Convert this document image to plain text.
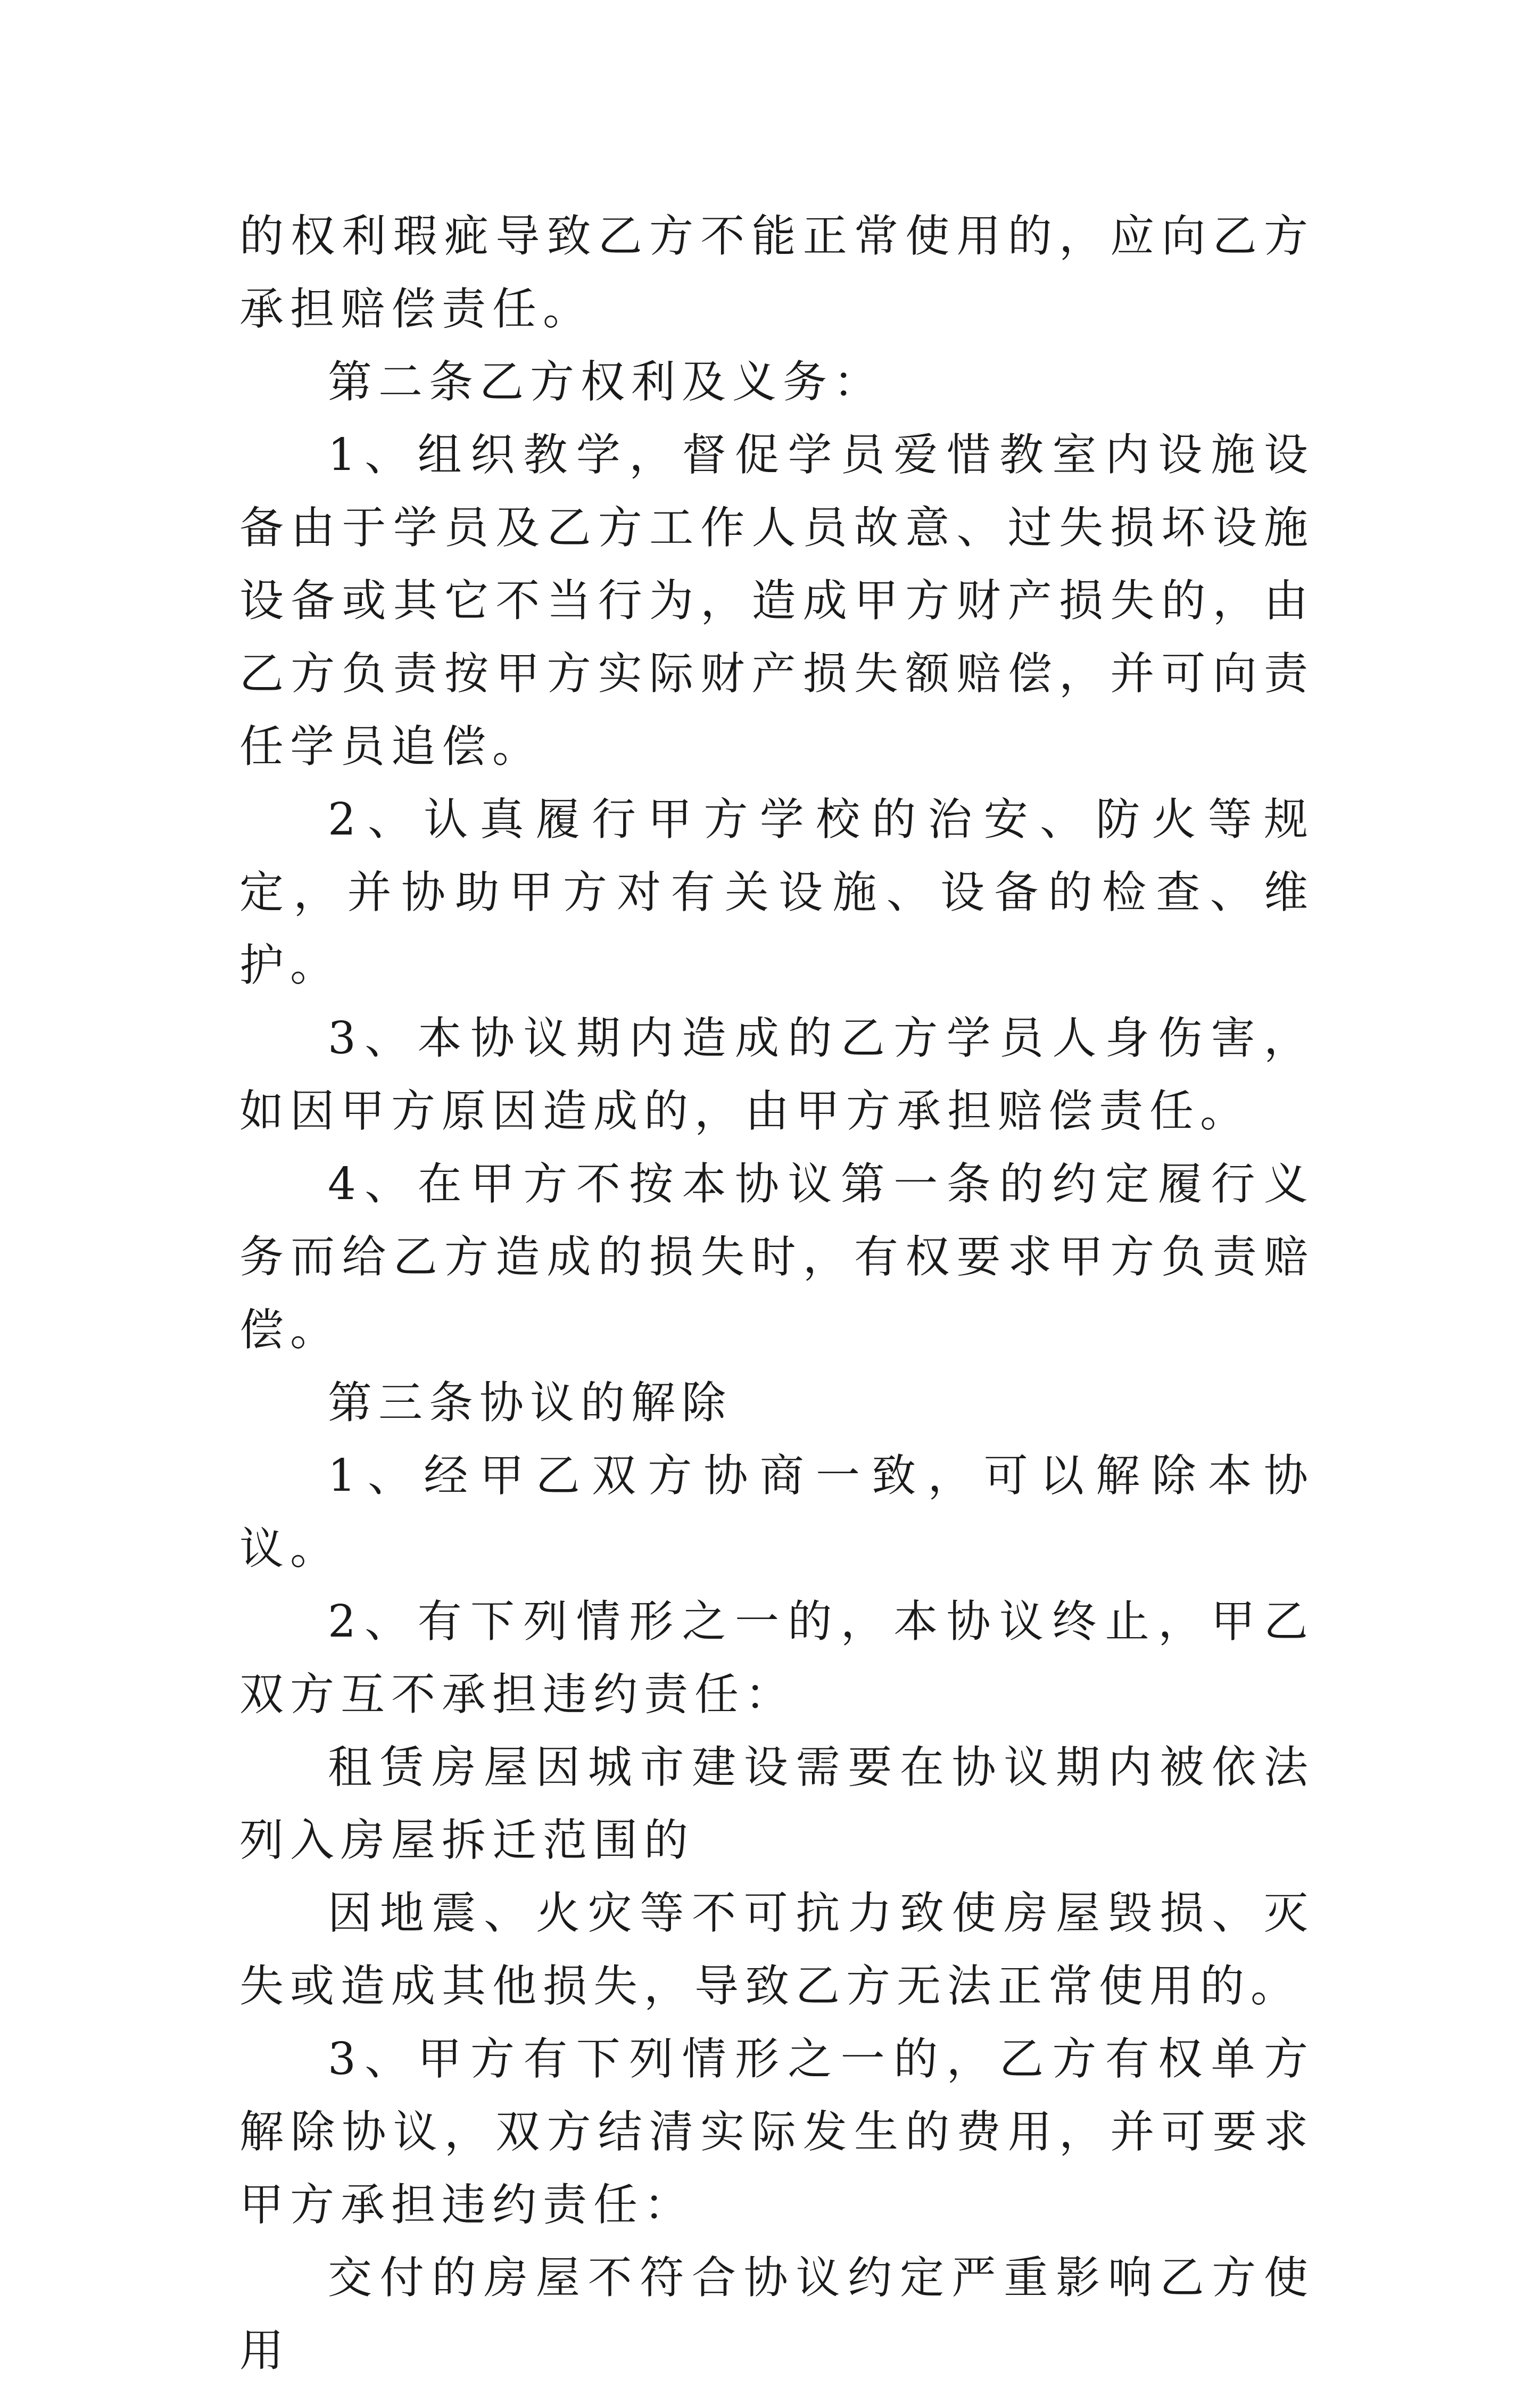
的权利瑕疵导致乙方不能正常使用的，应向乙方承担赔偿责任。

第二条乙方权利及义务：

1、组织教学，督促学员爱惜教室内设施设备由于学员及乙方工作人员故意、过失损坏设施设备或其它不当行为，造成甲方财产损失的，由乙方负责按甲方实际财产损失额赔偿，并可向责任学员追偿。

2、认真履行甲方学校的治安、防火等规定，并协助甲方对有关设施、设备的检查、维护。

3、本协议期内造成的乙方学员人身伤害，如因甲方原因造成的，由甲方承担赔偿责任。

4、在甲方不按本协议第一条的约定履行义务而给乙方造成的损失时，有权要求甲方负责赔偿。

第三条协议的解除

1、经甲乙双方协商一致，可以解除本协议。

2、有下列情形之一的，本协议终止，甲乙双方互不承担违约责任：

租赁房屋因城市建设需要在协议期内被依法列入房屋拆迁范围的

因地震、火灾等不可抗力致使房屋毁损、灭失或造成其他损失，导致乙方无法正常使用的。

3、甲方有下列情形之一的，乙方有权单方解除协议，双方结清实际发生的费用，并可要求甲方承担违约责任：

交付的房屋不符合协议约定严重影响乙方使用
